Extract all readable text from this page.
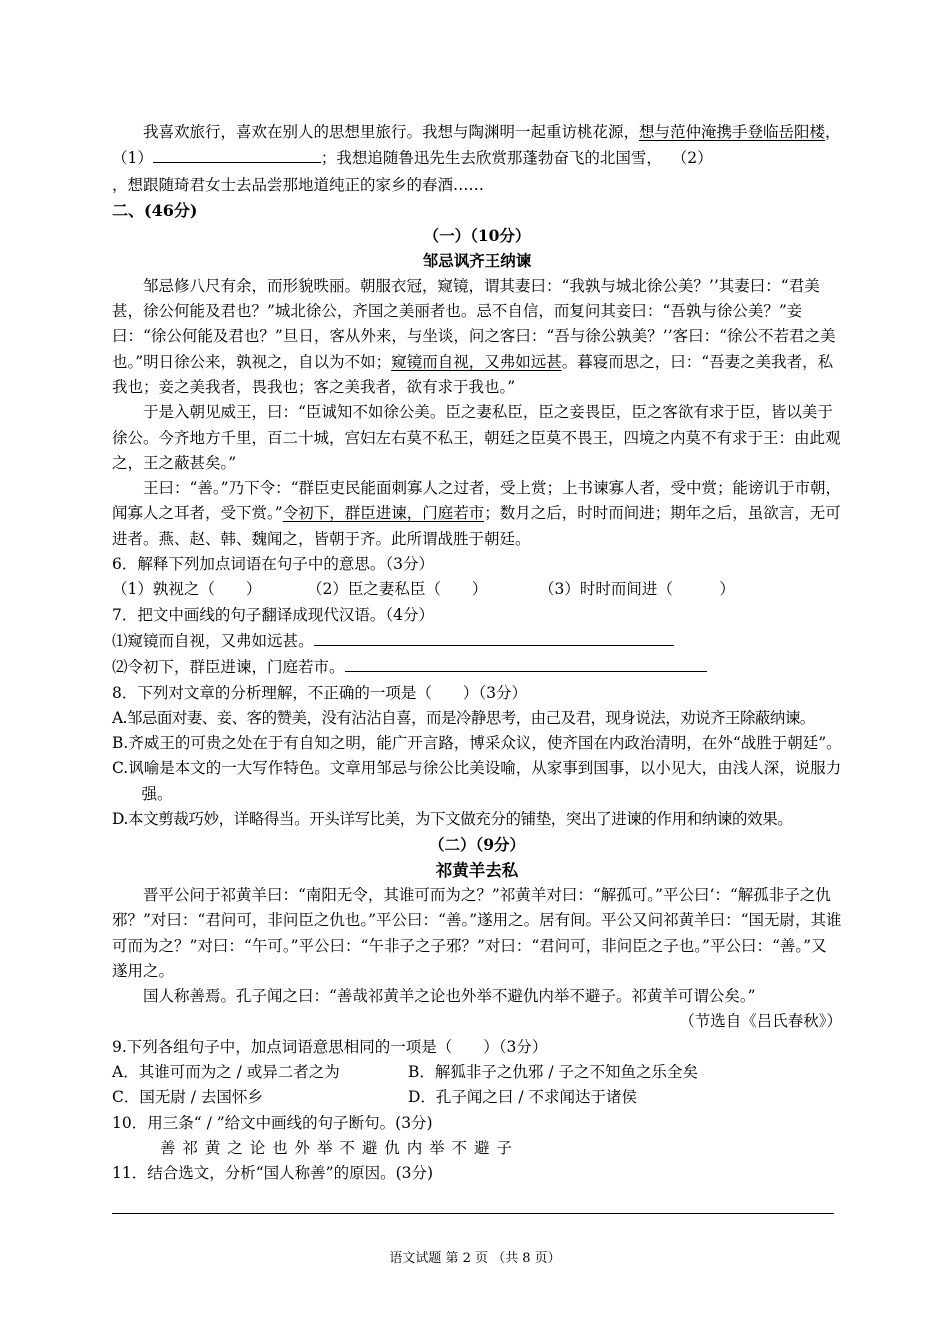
我喜欢旅行，喜欢在别人的思想里旅行。我想与陶渊明一起重访桃花源，想与范仲淹携手登临岳阳楼，（1）	；我想追随鲁迅先生去欣赏那蓬勃奋飞的北国雪， （2）
，想跟随琦君女士去品尝那地道纯正的家乡的春酒……

二、(46分)

（一）（10分）

邹忌讽齐王纳谏

邹忌修八尺有余，而形貌昳丽。朝服衣冠，窥镜，谓其妻曰：“我孰与城北徐公美？’’其妻曰：“君美甚，徐公何能及君也？”城北徐公，齐国之美丽者也。忌不自信，而复问其妾曰：“吾孰与徐公美？”妾曰：“徐公何能及君也？”旦日，客从外来，与坐谈，问之客曰：“吾与徐公孰美？’’客曰：“徐公不若君之美也。”明日徐公来，孰视之，自以为不如；窥镜而自视，又弗如远甚。暮寝而思之，曰：“吾妻之美我者，私我也；妾之美我者，畏我也；客之美我者，欲有求于我也。”

于是入朝见威王，曰：“臣诚知不如徐公美。臣之妻私臣，臣之妾畏臣，臣之客欲有求于臣，皆以美于徐公。今齐地方千里，百二十城，宫妇左右莫不私王，朝廷之臣莫不畏王，四境之内莫不有求于王：由此观之，王之蔽甚矣。”

王曰：“善。”乃下令：“群臣吏民能面刺寡人之过者，受上赏；上书谏寡人者，受中赏；能谤讥于市朝，闻寡人之耳者，受下赏。”令初下，群臣进谏，门庭若市；数月之后，时时而间进；期年之后，虽欲言，无可进者。燕、赵、韩、魏闻之，皆朝于齐。此所谓战胜于朝廷。

6．解释下列加点词语在句子中的意思。（3分）

（1）孰视之（　　）	（2）臣之妻私臣（　　）	（3）时时而间进（　　　）

7．把文中画线的句子翻译成现代汉语。（4分）

⑴窥镜而自视，又弗如远甚。

⑵令初下，群臣进谏，门庭若市。

8．下列对文章的分析理解，不正确的一项是（　　）（3分）

A.邹忌面对妻、妾、客的赞美，没有沾沾自喜，而是冷静思考，由己及君，现身说法，劝说齐王除蔽纳谏。

B.齐威王的可贵之处在于有自知之明，能广开言路，博采众议，使齐国在内政治清明，在外“战胜于朝廷”。

C.讽喻是本文的一大写作特色。文章用邹忌与徐公比美设喻，从家事到国事，以小见大，由浅人深，说服力强。

D.本文剪裁巧妙，详略得当。开头详写比美，为下文做充分的铺垫，突出了进谏的作用和纳谏的效果。

（二）（9分）

祁黄羊去私

晋平公问于祁黄羊曰：“南阳无令，其谁可而为之？”祁黄羊对曰：“解孤可。”平公曰‘：“解孤非子之仇邪？”对曰：“君问可，非问臣之仇也。”平公曰：“善。”遂用之。居有间。平公又问祁黄羊曰：“国无尉，其谁可而为之？”对曰：“午可。”平公曰：“午非子之子邪？”对曰：“君问可，非问臣之子也。”平公曰：“善。”又遂用之。

国人称善焉。孔子闻之曰：“善哉祁黄羊之论也外举不避仇内举不避子。祁黄羊可谓公矣。”

（节选自《吕氏春秋》）

9.下列各组句子中，加点词语意思相同的一项是（　　）（3分）

A．其谁可而为之 / 或异二者之为	B．解狐非子之仇邪 / 子之不知鱼之乐全矣

C．国无尉 / 去国怀乡	D．孔子闻之曰 / 不求闻达于诸侯

10．用三条“ / ”给文中画线的句子断句。(3分)

善 祁 黄 之 论 也 外 举 不 避 仇 内 举 不 避 子

11．结合选文，分析“国人称善”的原因。(3分)

语文试题 第 2 页 （共 8 页）
